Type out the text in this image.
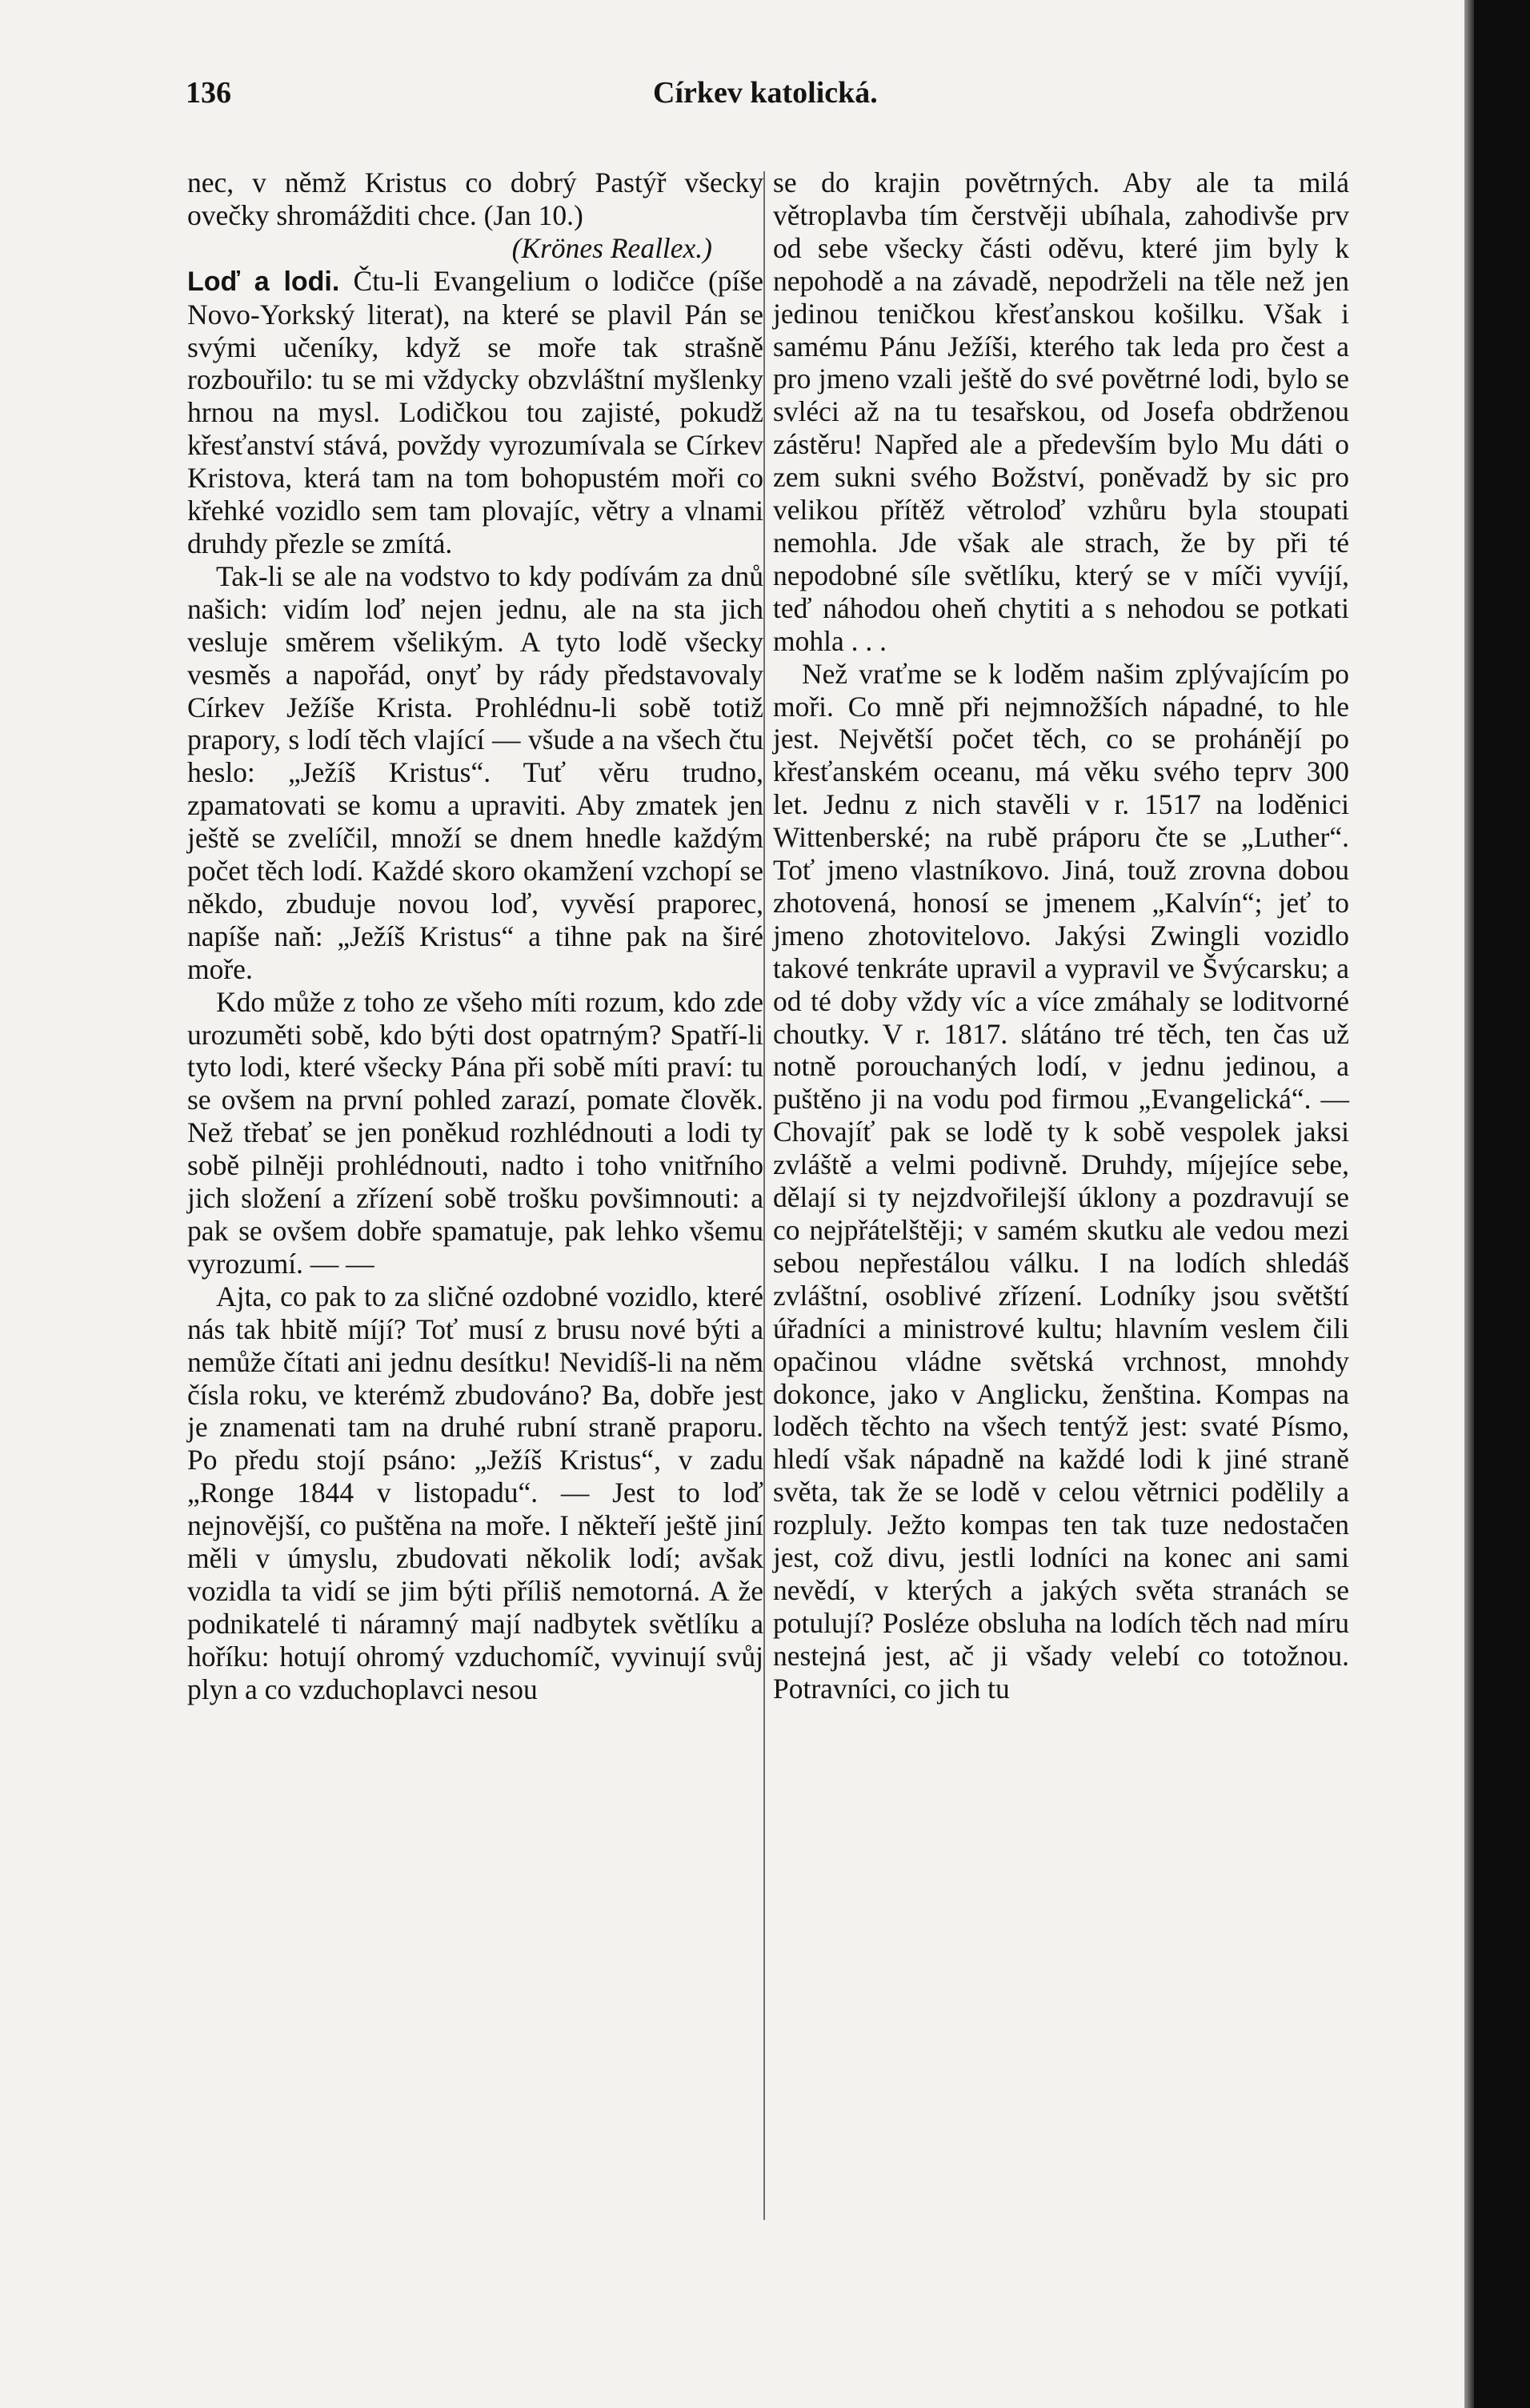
136	Církev katolická.

nec, v němž Kristus co dobrý Pastýř všecky ovečky shromážditi chce. (Jan 10.)

(Krönes Reallex.)

Loď a lodi. Čtu-li Evangelium o lodičce (píše Novo-Yorkský literat), na které se plavil Pán se svými učeníky, když se moře tak strašně rozbouřilo: tu se mi vždycky obzvláštní myšlenky hrnou na mysl. Lodičkou tou zajisté, pokudž křesťanství stává, povždy vyrozumívala se Církev Kristova, která tam na tom bohopustém moři co křehké vozidlo sem tam plovajíc, větry a vlnami druhdy přezle se zmítá.

Tak-li se ale na vodstvo to kdy podívám za dnů našich: vidím loď nejen jednu, ale na sta jich vesluje směrem všelikým. A tyto lodě všecky vesměs a napořád, onyť by rády představovaly Církev Ježíše Krista. Prohlédnu-li sobě totiž prapory, s lodí těch vlající — všude a na všech čtu heslo: „Ježíš Kristus“. Tuť věru trudno, zpamatovati se komu a upraviti. Aby zmatek jen ještě se zvelíčil, množí se dnem hnedle každým počet těch lodí. Každé skoro okamžení vzchopí se někdo, zbuduje novou loď, vyvěsí praporec, napíše naň: „Ježíš Kristus“ a tihne pak na širé moře.

Kdo může z toho ze všeho míti rozum, kdo zde urozuměti sobě, kdo býti dost opatrným? Spatří-li tyto lodi, které všecky Pána při sobě míti praví: tu se ovšem na první pohled zarazí, pomate člověk. Než třebať se jen poněkud rozhlédnouti a lodi ty sobě pilněji prohlédnouti, nadto i toho vnitřního jich složení a zřízení sobě trošku povšimnouti: a pak se ovšem dobře spamatuje, pak lehko všemu vyrozumí. — —

Ajta, co pak to za sličné ozdobné vozidlo, které nás tak hbitě míjí? Toť musí z brusu nové býti a nemůže čítati ani jednu desítku! Nevidíš-li na něm čísla roku, ve kterémž zbudováno? Ba, dobře jest je znamenati tam na druhé rubní straně praporu. Po předu stojí psáno: „Ježíš Kristus“, v zadu „Ronge 1844 v listopadu“. — Jest to loď nejnovější, co puštěna na moře. I někteří ještě jiní měli v úmyslu, zbudovati několik lodí; avšak vozidla ta vidí se jim býti příliš nemotorná. A že podnikatelé ti náramný mají nadbytek světlíku a hoříku: hotují ohromý vzduchomíč, vyvinují svůj plyn a co vzduchoplavci nesou

se do krajin povětrných. Aby ale ta milá větroplavba tím čerstvěji ubíhala, zahodivše prv od sebe všecky části oděvu, které jim byly k nepohodě a na závadě, nepodrželi na těle než jen jedinou teničkou křesťanskou košilku. Však i samému Pánu Ježíši, kterého tak leda pro čest a pro jmeno vzali ještě do své povětrné lodi, bylo se svléci až na tu tesařskou, od Josefa obdrženou zástěru! Napřed ale a především bylo Mu dáti o zem sukni svého Božství, poněvadž by sic pro velikou přítěž větroloď vzhůru byla stoupati nemohla. Jde však ale strach, že by při té nepodobné síle světlíku, který se v míči vyvíjí, teď náhodou oheň chytiti a s nehodou se potkati mohla . . .

Než vraťme se k loděm našim zplývajícím po moři. Co mně při nejmnožších nápadné, to hle jest. Největší počet těch, co se prohánějí po křesťanském oceanu, má věku svého teprv 300 let. Jednu z nich stavěli v r. 1517 na loděnici Wittenberské; na rubě práporu čte se „Luther“. Toť jmeno vlastníkovo. Jiná, touž zrovna dobou zhotovená, honosí se jmenem „Kalvín“; jeť to jmeno zhotovitelovo. Jakýsi Zwingli vozidlo takové tenkráte upravil a vypravil ve Švýcarsku; a od té doby vždy víc a více zmáhaly se loditvorné choutky. V r. 1817. slátáno tré těch, ten čas už notně porouchaných lodí, v jednu jedinou, a puštěno ji na vodu pod firmou „Evangelická“. — Chovajíť pak se lodě ty k sobě vespolek jaksi zvláště a velmi podivně. Druhdy, míjejíce sebe, dělají si ty nejzdvořilejší úklony a pozdravují se co nejpřátelštěji; v samém skutku ale vedou mezi sebou nepřestálou válku. I na lodích shledáš zvláštní, osoblivé zřízení. Lodníky jsou světští úřadníci a ministrové kultu; hlavním veslem čili opačinou vládne světská vrchnost, mnohdy dokonce, jako v Anglicku, ženština. Kompas na loděch těchto na všech tentýž jest: svaté Písmo, hledí však nápadně na každé lodi k jiné straně světa, tak že se lodě v celou větrnici podělily a rozpluly. Ježto kompas ten tak tuze nedostačen jest, což divu, jestli lodníci na konec ani sami nevědí, v kterých a jakých světa stranách se potulují? Posléze obsluha na lodích těch nad míru nestejná jest, ač ji všady velebí co totožnou. Potravníci, co jich tu
